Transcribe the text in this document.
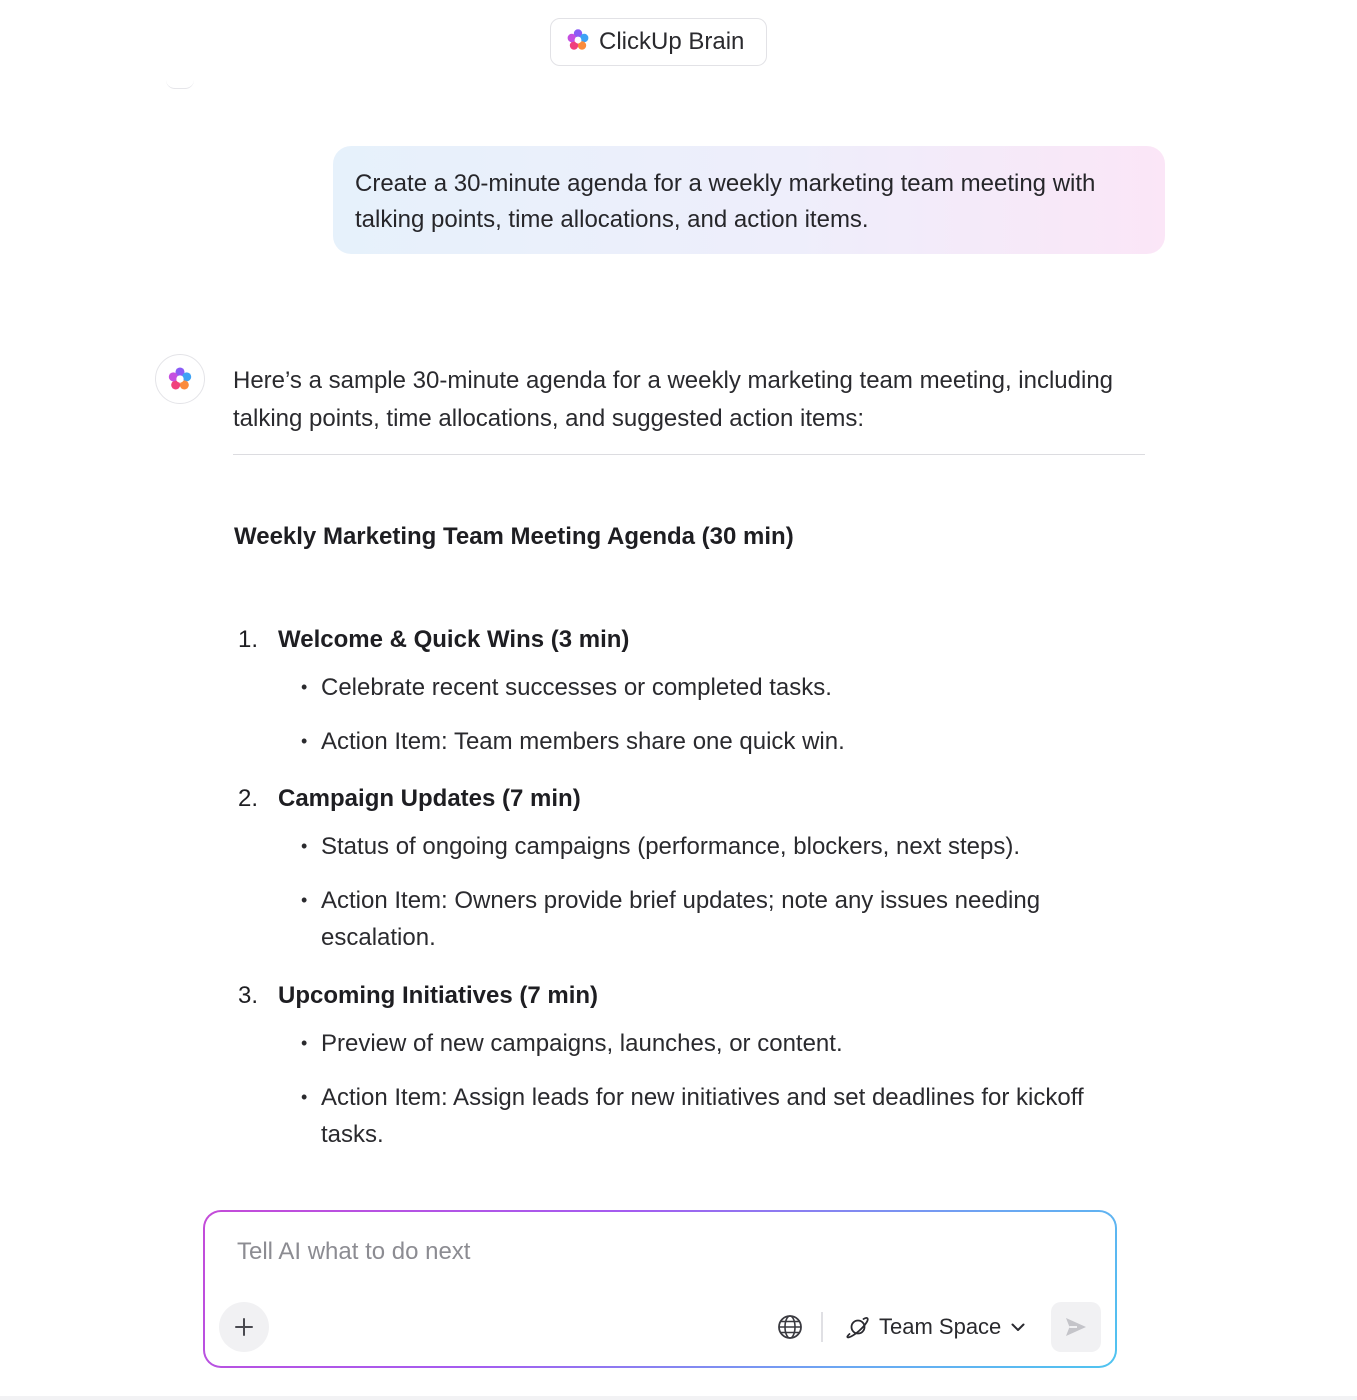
ClickUp Brain
Create a 30-minute agenda for a weekly marketing team meeting with talking points, time allocations, and action items.
Here’s a sample 30-minute agenda for a weekly marketing team meeting, including talking points, time allocations, and suggested action items:
Weekly Marketing Team Meeting Agenda (30 min)
1. Welcome & Quick Wins (3 min)
• Celebrate recent successes or completed tasks.
• Action Item: Team members share one quick win.
2. Campaign Updates (7 min)
• Status of ongoing campaigns (performance, blockers, next steps).
• Action Item: Owners provide brief updates; note any issues needing escalation.
3. Upcoming Initiatives (7 min)
• Preview of new campaigns, launches, or content.
• Action Item: Assign leads for new initiatives and set deadlines for kickoff tasks.
Tell AI what to do next
Team Space
